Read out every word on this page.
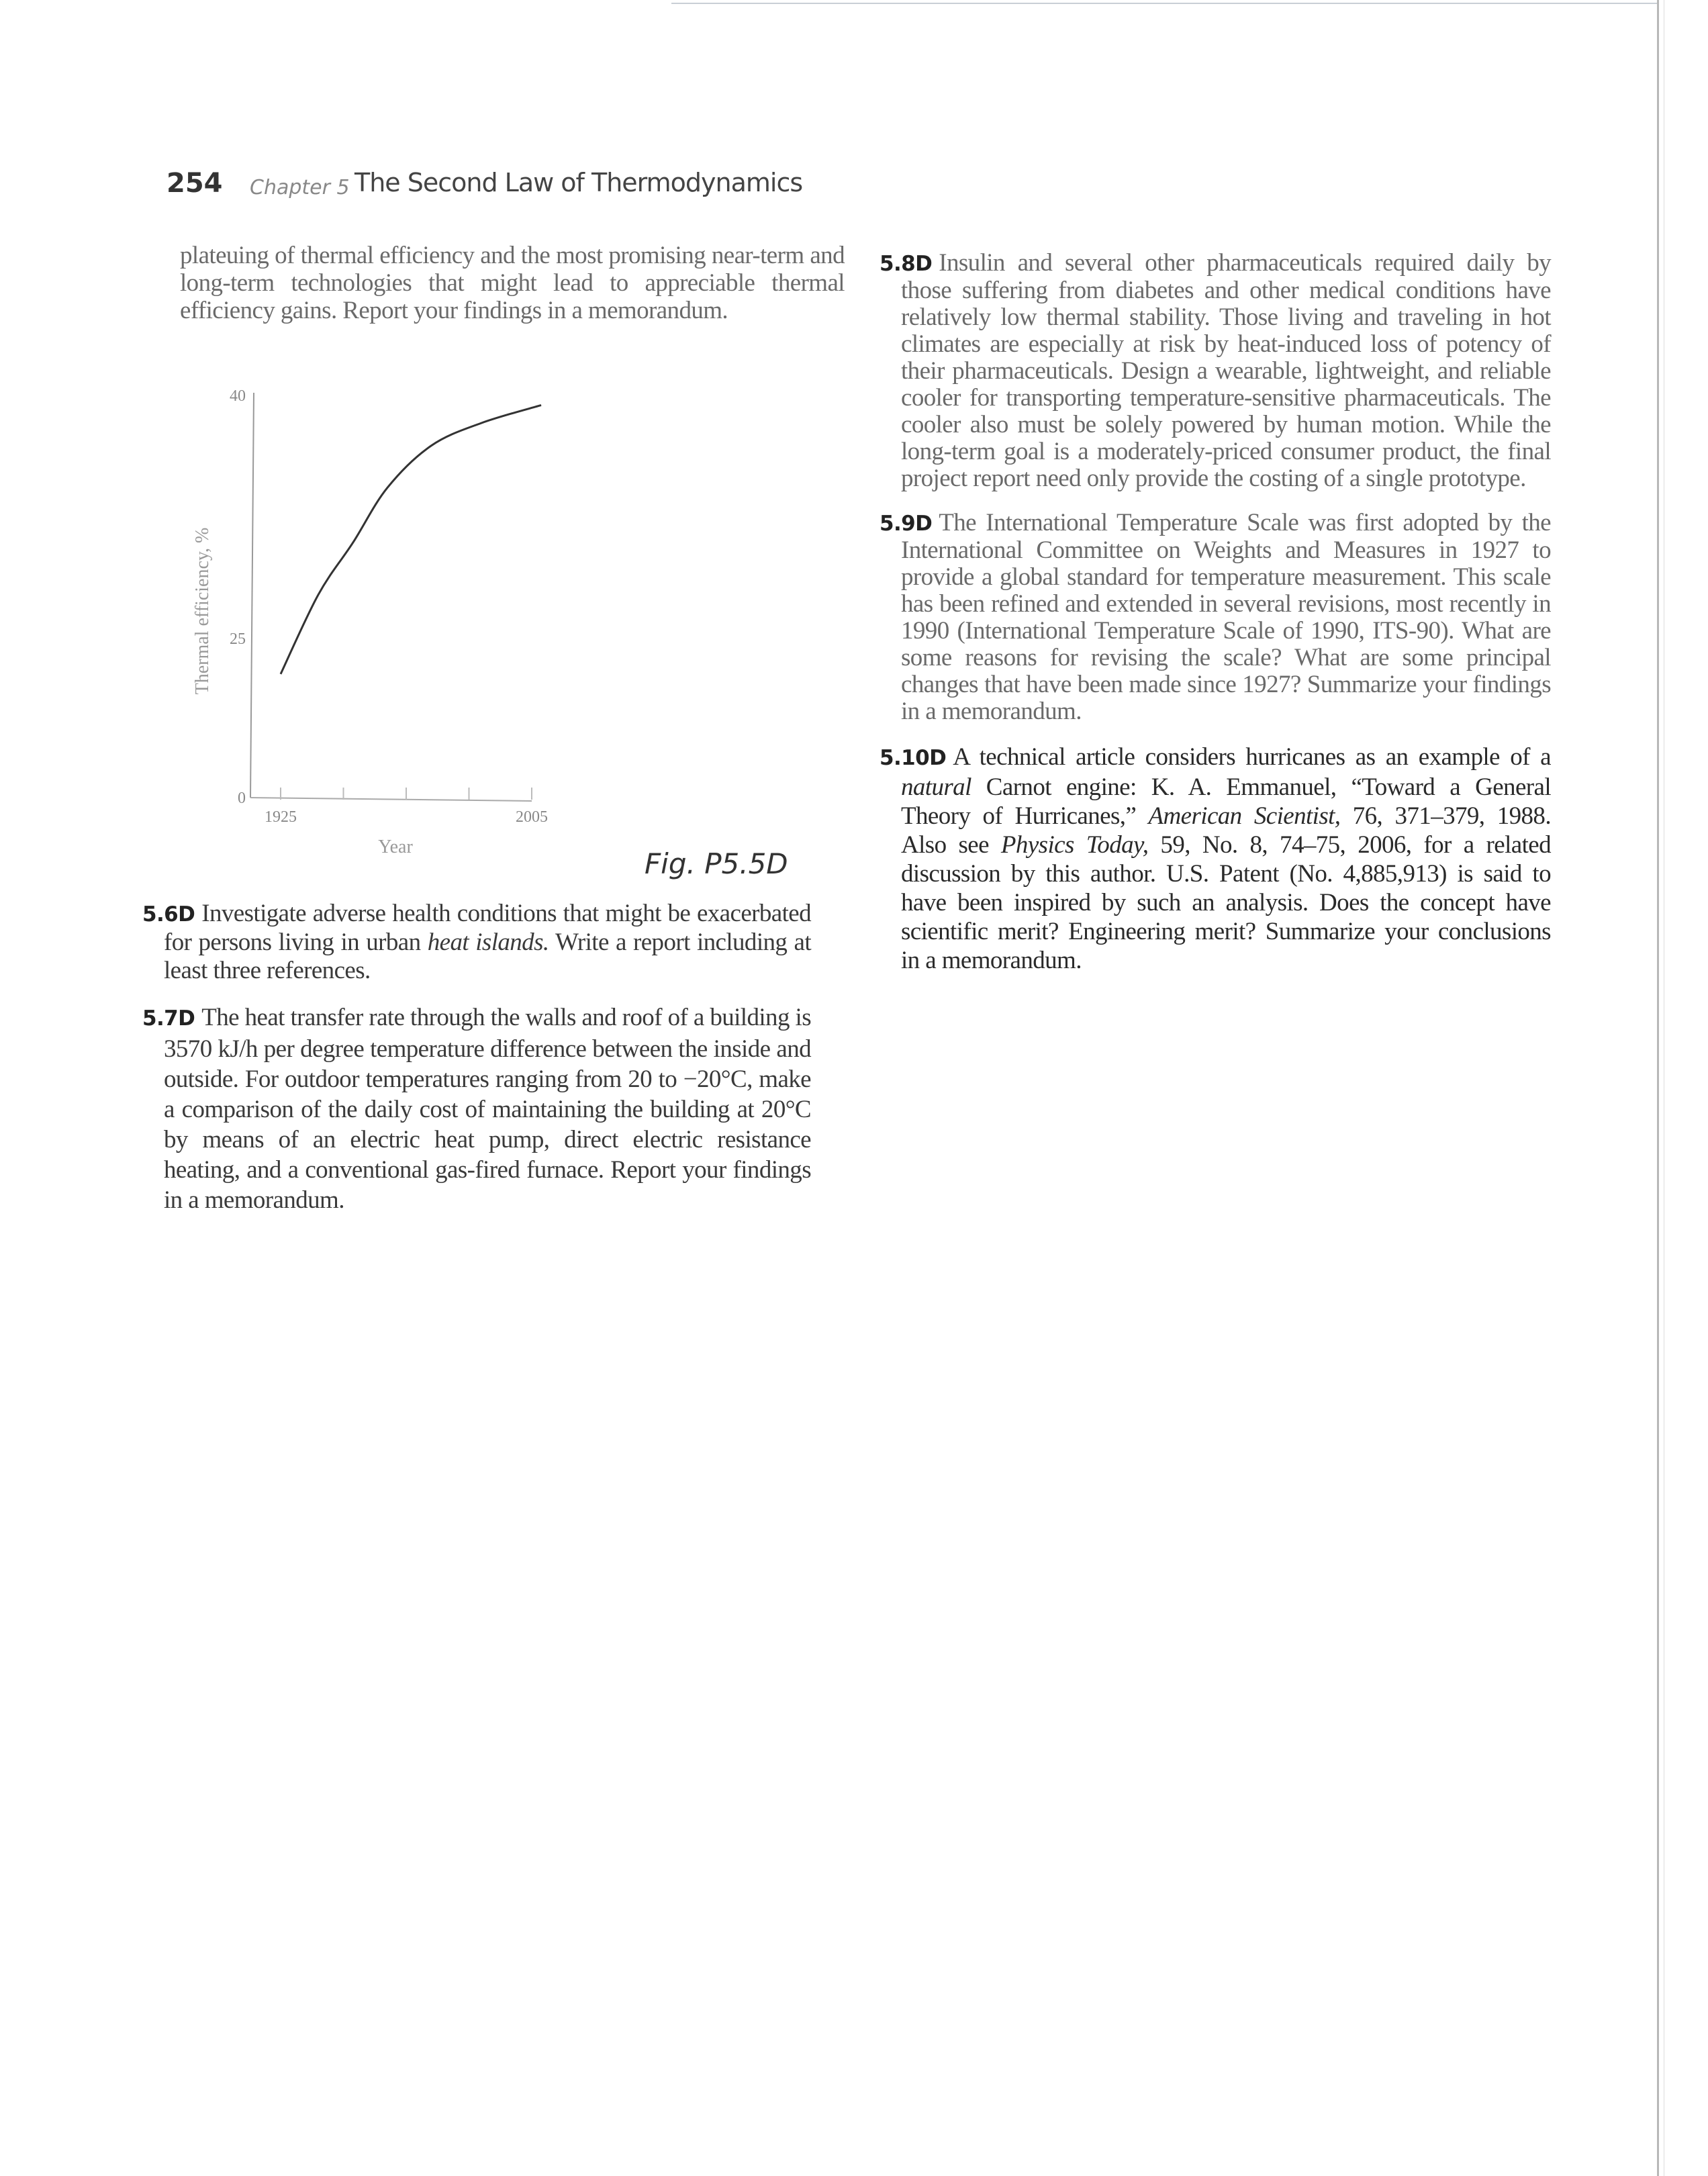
254 Chapter 5 The Second Law of Thermodynamics
plateuing of thermal efficiency and the most promising near-term and long-term technologies that might lead to appreciable thermal efficiency gains. Report your findings in a memorandum.
1925	2005
0
25
40
Year
Thermal efficiency, %
Fig. P5.5D
5.6D Investigate adverse health conditions that might be exacerbated for persons living in urban heat islands. Write a report including at least three references.
5.7D The heat transfer rate through the walls and roof of a building is 3570 kJ/h per degree temperature difference between the inside and outside. For outdoor temperatures ranging from 20 to −20°C, make a comparison of the daily cost of maintaining the building at 20°C by means of an electric heat pump, direct electric resistance heating, and a conventional gas-fired furnace. Report your findings in a memorandum.
5.8D Insulin and several other pharmaceuticals required daily by those suffering from diabetes and other medical conditions have relatively low thermal stability. Those living and traveling in hot climates are especially at risk by heat-induced loss of potency of their pharmaceuticals. Design a wearable, lightweight, and reliable cooler for transporting temperature-sensitive pharmaceuticals. The cooler also must be solely powered by human motion. While the long-term goal is a moderately-priced consumer product, the final project report need only provide the costing of a single prototype.
5.9D The International Temperature Scale was first adopted by the International Committee on Weights and Measures in 1927 to provide a global standard for temperature measurement. This scale has been refined and extended in several revisions, most recently in 1990 (International Temperature Scale of 1990, ITS-90). What are some reasons for revising the scale? What are some principal changes that have been made since 1927? Summarize your findings in a memorandum.
5.10D A technical article considers hurricanes as an example of a natural Carnot engine: K. A. Emmanuel, “Toward a General Theory of Hurricanes,” American Scientist, 76, 371–379, 1988. Also see Physics Today, 59, No. 8, 74–75, 2006, for a related discussion by this author. U.S. Patent (No. 4,885,913) is said to have been inspired by such an analysis. Does the concept have scientific merit? Engineering merit? Summarize your conclusions in a memorandum.
